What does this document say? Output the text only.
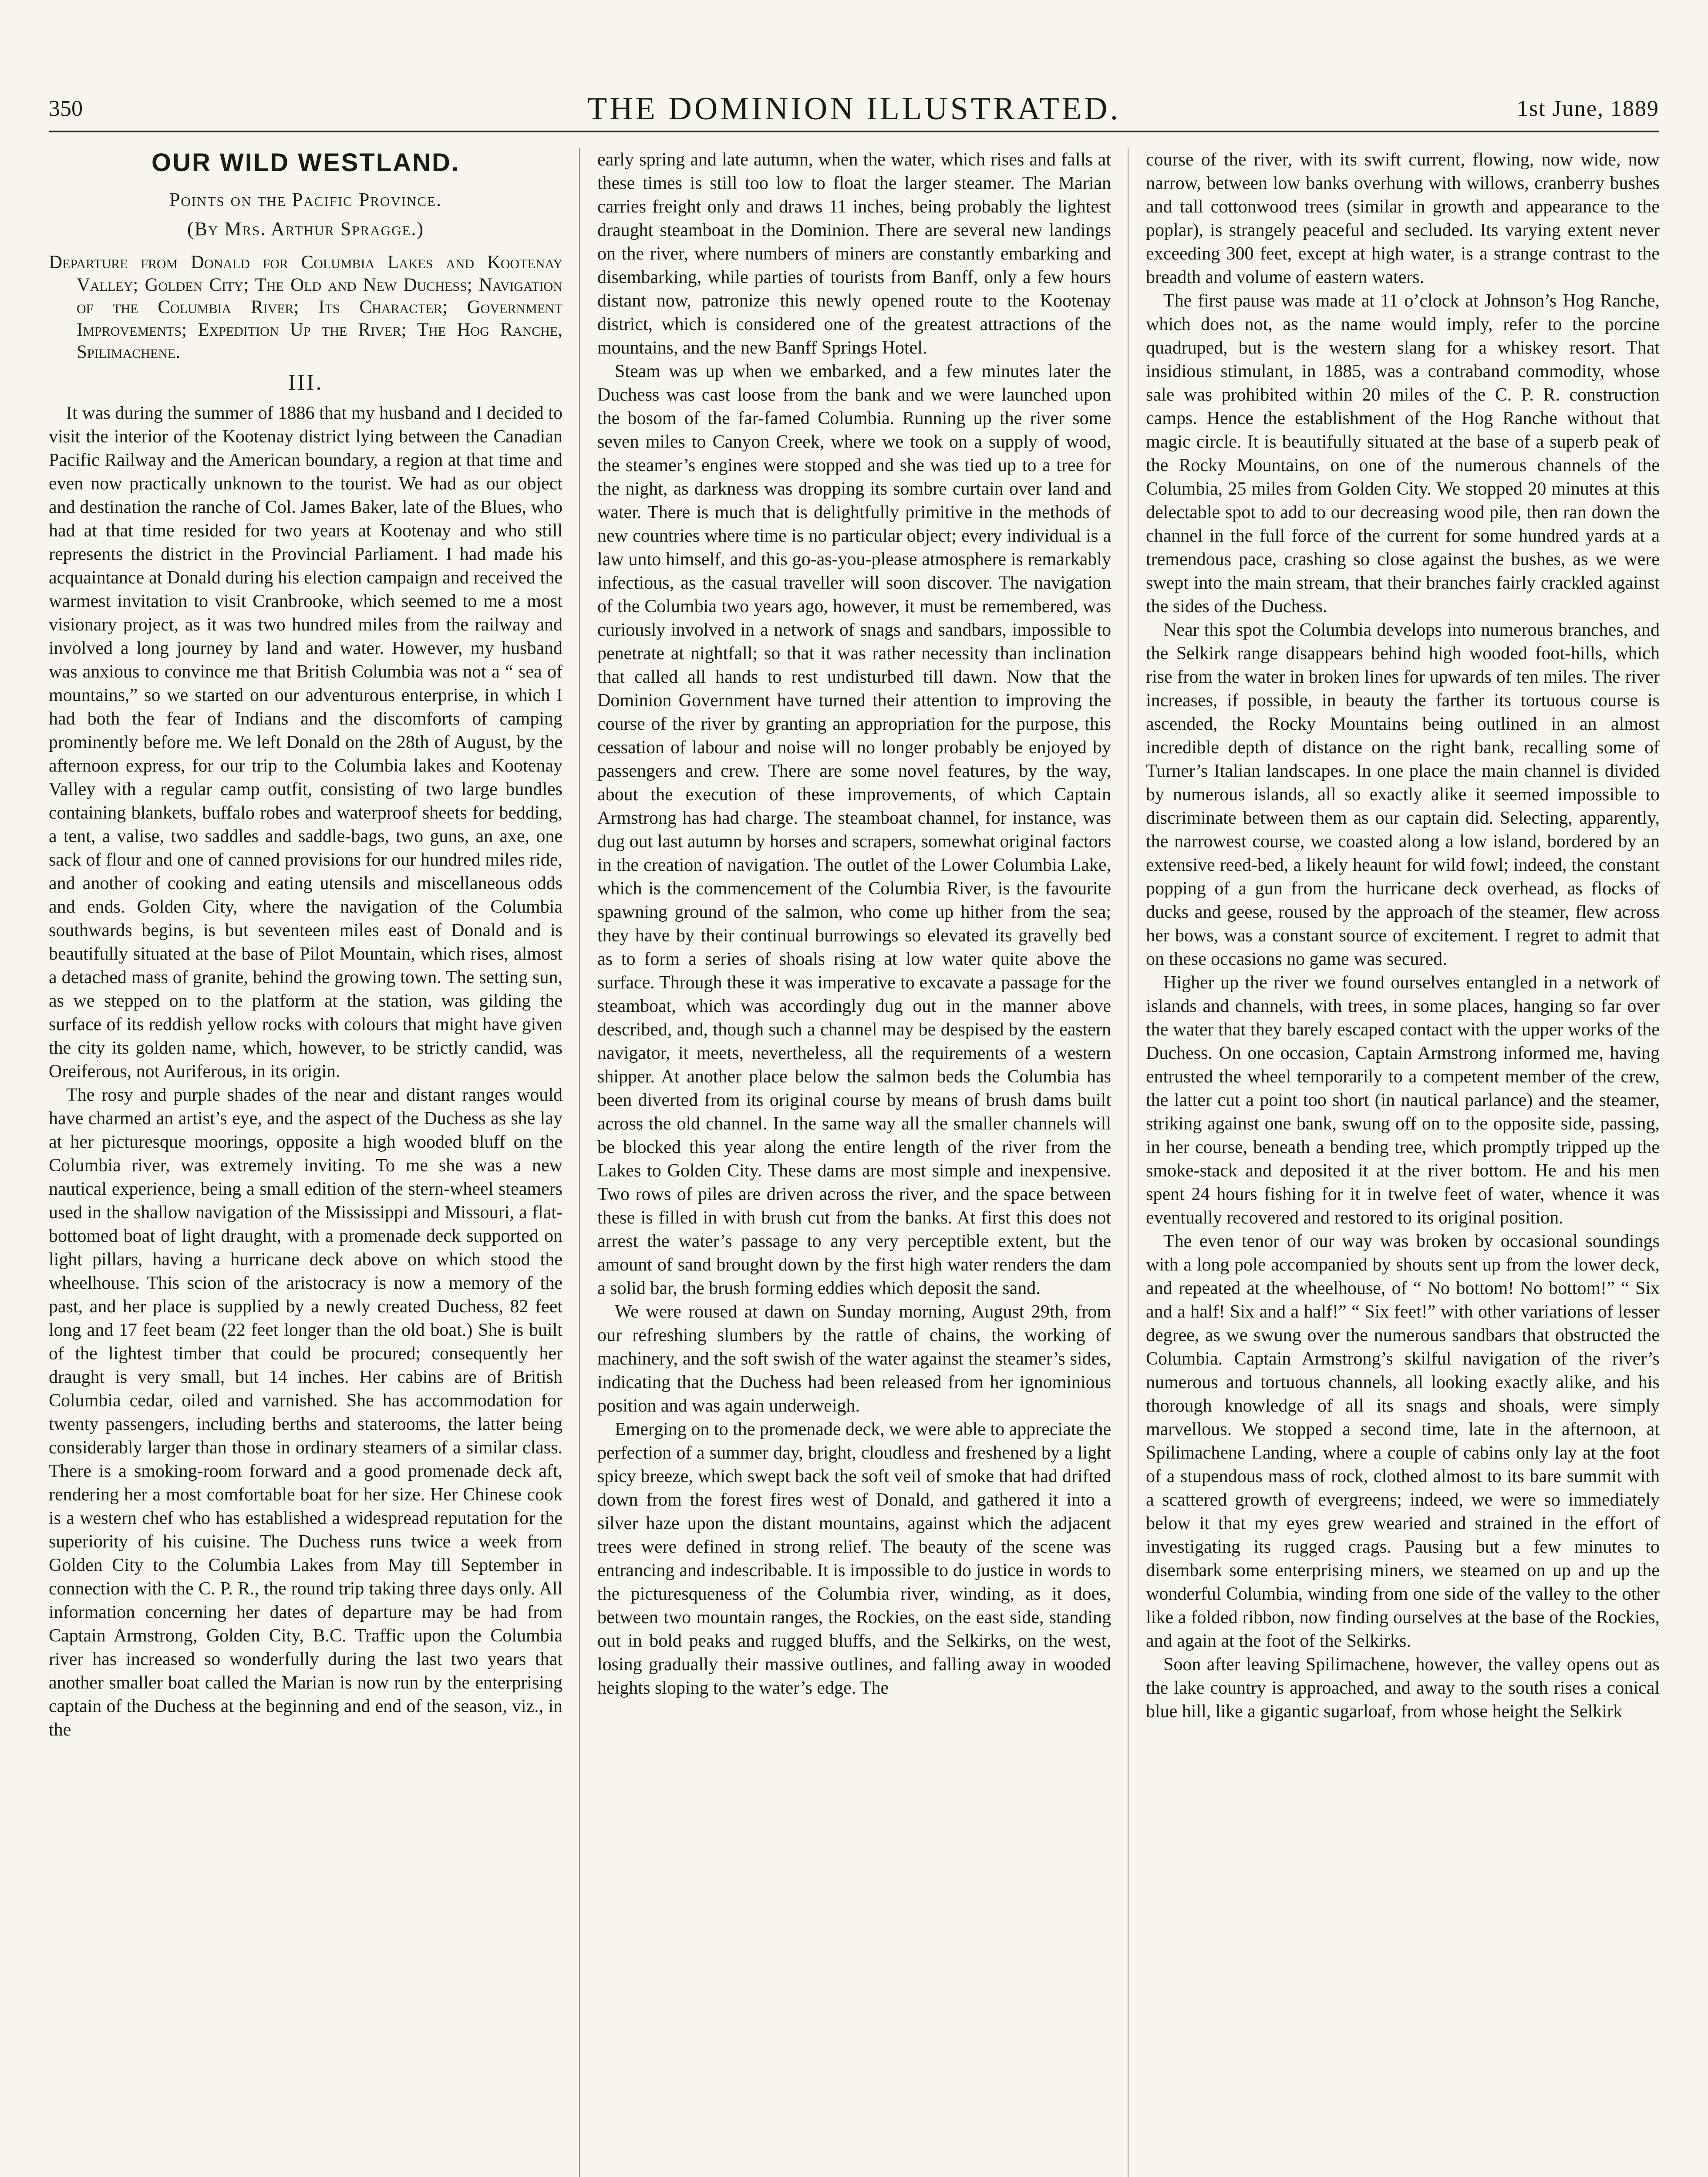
350	THE DOMINION ILLUSTRATED.	1st June, 1889
OUR WILD WESTLAND.
Points on the Pacific Province.
(By Mrs. Arthur Spragge.)
Departure from Donald for Columbia Lakes and Kootenay Valley; Golden City; The Old and New Duchess; Navigation of the Columbia River; Its Character; Government Improvements; Expedition Up the River; The Hog Ranche, Spilimachene.
III.

It was during the summer of 1886 that my husband and I decided to visit the interior of the Kootenay district lying between the Canadian Pacific Railway and the American boundary, a region at that time and even now practically unknown to the tourist. We had as our object and destination the ranche of Col. James Baker, late of the Blues, who had at that time resided for two years at Kootenay and who still represents the district in the Provincial Parliament. I had made his acquaintance at Donald during his election campaign and received the warmest invitation to visit Cranbrooke, which seemed to me a most visionary project, as it was two hundred miles from the railway and involved a long journey by land and water. However, my husband was anxious to convince me that British Columbia was not a “ sea of mountains,” so we started on our adventurous enterprise, in which I had both the fear of Indians and the discomforts of camping prominently before me. We left Donald on the 28th of August, by the afternoon express, for our trip to the Columbia lakes and Kootenay Valley with a regular camp outfit, consisting of two large bundles containing blankets, buffalo robes and waterproof sheets for bedding, a tent, a valise, two saddles and saddle-bags, two guns, an axe, one sack of flour and one of canned provisions for our hundred miles ride, and another of cooking and eating utensils and miscellaneous odds and ends. Golden City, where the navigation of the Columbia southwards begins, is but seventeen miles east of Donald and is beautifully situated at the base of Pilot Mountain, which rises, almost a detached mass of granite, behind the growing town. The setting sun, as we stepped on to the platform at the station, was gilding the surface of its reddish yellow rocks with colours that might have given the city its golden name, which, however, to be strictly candid, was Oreiferous, not Auriferous, in its origin.

The rosy and purple shades of the near and distant ranges would have charmed an artist’s eye, and the aspect of the Duchess as she lay at her picturesque moorings, opposite a high wooded bluff on the Columbia river, was extremely inviting. To me she was a new nautical experience, being a small edition of the stern-wheel steamers used in the shallow navigation of the Mississippi and Missouri, a flat-bottomed boat of light draught, with a promenade deck supported on light pillars, having a hurricane deck above on which stood the wheelhouse. This scion of the aristocracy is now a memory of the past, and her place is supplied by a newly created Duchess, 82 feet long and 17 feet beam (22 feet longer than the old boat.) She is built of the lightest timber that could be procured; consequently her draught is very small, but 14 inches. Her cabins are of British Columbia cedar, oiled and varnished. She has accommodation for twenty passengers, including berths and staterooms, the latter being considerably larger than those in ordinary steamers of a similar class. There is a smoking-room forward and a good promenade deck aft, rendering her a most comfortable boat for her size. Her Chinese cook is a western chef who has established a widespread reputation for the superiority of his cuisine. The Duchess runs twice a week from Golden City to the Columbia Lakes from May till September in connection with the C. P. R., the round trip taking three days only. All information concerning her dates of departure may be had from Captain Armstrong, Golden City, B.C. Traffic upon the Columbia river has increased so wonderfully during the last two years that another smaller boat called the Marian is now run by the enterprising captain of the Duchess at the beginning and end of the season, viz., in the

early spring and late autumn, when the water, which rises and falls at these times is still too low to float the larger steamer. The Marian carries freight only and draws 11 inches, being probably the lightest draught steamboat in the Dominion. There are several new landings on the river, where numbers of miners are constantly embarking and disembarking, while parties of tourists from Banff, only a few hours distant now, patronize this newly opened route to the Kootenay district, which is considered one of the greatest attractions of the mountains, and the new Banff Springs Hotel.

Steam was up when we embarked, and a few minutes later the Duchess was cast loose from the bank and we were launched upon the bosom of the far-famed Columbia. Running up the river some seven miles to Canyon Creek, where we took on a supply of wood, the steamer’s engines were stopped and she was tied up to a tree for the night, as darkness was dropping its sombre curtain over land and water. There is much that is delightfully primitive in the methods of new countries where time is no particular object; every individual is a law unto himself, and this go-as-you-please atmosphere is remarkably infectious, as the casual traveller will soon discover. The navigation of the Columbia two years ago, however, it must be remembered, was curiously involved in a network of snags and sandbars, impossible to penetrate at nightfall; so that it was rather necessity than inclination that called all hands to rest undisturbed till dawn. Now that the Dominion Government have turned their attention to improving the course of the river by granting an appropriation for the purpose, this cessation of labour and noise will no longer probably be enjoyed by passengers and crew. There are some novel features, by the way, about the execution of these improvements, of which Captain Armstrong has had charge. The steamboat channel, for instance, was dug out last autumn by horses and scrapers, somewhat original factors in the creation of navigation. The outlet of the Lower Columbia Lake, which is the commencement of the Columbia River, is the favourite spawning ground of the salmon, who come up hither from the sea; they have by their continual burrowings so elevated its gravelly bed as to form a series of shoals rising at low water quite above the surface. Through these it was imperative to excavate a passage for the steamboat, which was accordingly dug out in the manner above described, and, though such a channel may be despised by the eastern navigator, it meets, nevertheless, all the requirements of a western shipper. At another place below the salmon beds the Columbia has been diverted from its original course by means of brush dams built across the old channel. In the same way all the smaller channels will be blocked this year along the entire length of the river from the Lakes to Golden City. These dams are most simple and inexpensive. Two rows of piles are driven across the river, and the space between these is filled in with brush cut from the banks. At first this does not arrest the water’s passage to any very perceptible extent, but the amount of sand brought down by the first high water renders the dam a solid bar, the brush forming eddies which deposit the sand.

We were roused at dawn on Sunday morning, August 29th, from our refreshing slumbers by the rattle of chains, the working of machinery, and the soft swish of the water against the steamer’s sides, indicating that the Duchess had been released from her ignominious position and was again underweigh.

Emerging on to the promenade deck, we were able to appreciate the perfection of a summer day, bright, cloudless and freshened by a light spicy breeze, which swept back the soft veil of smoke that had drifted down from the forest fires west of Donald, and gathered it into a silver haze upon the distant mountains, against which the adjacent trees were defined in strong relief. The beauty of the scene was entrancing and indescribable. It is impossible to do justice in words to the picturesqueness of the Columbia river, winding, as it does, between two mountain ranges, the Rockies, on the east side, standing out in bold peaks and rugged bluffs, and the Selkirks, on the west, losing gradually their massive outlines, and falling away in wooded heights sloping to the water’s edge. The

course of the river, with its swift current, flowing, now wide, now narrow, between low banks overhung with willows, cranberry bushes and tall cottonwood trees (similar in growth and appearance to the poplar), is strangely peaceful and secluded. Its varying extent never exceeding 300 feet, except at high water, is a strange contrast to the breadth and volume of eastern waters.

The first pause was made at 11 o’clock at Johnson’s Hog Ranche, which does not, as the name would imply, refer to the porcine quadruped, but is the western slang for a whiskey resort. That insidious stimulant, in 1885, was a contraband commodity, whose sale was prohibited within 20 miles of the C. P. R. construction camps. Hence the establishment of the Hog Ranche without that magic circle. It is beautifully situated at the base of a superb peak of the Rocky Mountains, on one of the numerous channels of the Columbia, 25 miles from Golden City. We stopped 20 minutes at this delectable spot to add to our decreasing wood pile, then ran down the channel in the full force of the current for some hundred yards at a tremendous pace, crashing so close against the bushes, as we were swept into the main stream, that their branches fairly crackled against the sides of the Duchess.

Near this spot the Columbia develops into numerous branches, and the Selkirk range disappears behind high wooded foot-hills, which rise from the water in broken lines for upwards of ten miles. The river increases, if possible, in beauty the farther its tortuous course is ascended, the Rocky Mountains being outlined in an almost incredible depth of distance on the right bank, recalling some of Turner’s Italian landscapes. In one place the main channel is divided by numerous islands, all so exactly alike it seemed impossible to discriminate between them as our captain did. Selecting, apparently, the narrowest course, we coasted along a low island, bordered by an extensive reed-bed, a likely heaunt for wild fowl; indeed, the constant popping of a gun from the hurricane deck overhead, as flocks of ducks and geese, roused by the approach of the steamer, flew across her bows, was a constant source of excitement. I regret to admit that on these occasions no game was secured.

Higher up the river we found ourselves entangled in a network of islands and channels, with trees, in some places, hanging so far over the water that they barely escaped contact with the upper works of the Duchess. On one occasion, Captain Armstrong informed me, having entrusted the wheel temporarily to a competent member of the crew, the latter cut a point too short (in nautical parlance) and the steamer, striking against one bank, swung off on to the opposite side, passing, in her course, beneath a bending tree, which promptly tripped up the smoke-stack and deposited it at the river bottom. He and his men spent 24 hours fishing for it in twelve feet of water, whence it was eventually recovered and restored to its original position.

The even tenor of our way was broken by occasional soundings with a long pole accompanied by shouts sent up from the lower deck, and repeated at the wheelhouse, of “ No bottom! No bottom!” “ Six and a half! Six and a half!” “ Six feet!” with other variations of lesser degree, as we swung over the numerous sandbars that obstructed the Columbia. Captain Armstrong’s skilful navigation of the river’s numerous and tortuous channels, all looking exactly alike, and his thorough knowledge of all its snags and shoals, were simply marvellous. We stopped a second time, late in the afternoon, at Spilimachene Landing, where a couple of cabins only lay at the foot of a stupendous mass of rock, clothed almost to its bare summit with a scattered growth of evergreens; indeed, we were so immediately below it that my eyes grew wearied and strained in the effort of investigating its rugged crags. Pausing but a few minutes to disembark some enterprising miners, we steamed on up and up the wonderful Columbia, winding from one side of the valley to the other like a folded ribbon, now finding ourselves at the base of the Rockies, and again at the foot of the Selkirks.

Soon after leaving Spilimachene, however, the valley opens out as the lake country is approached, and away to the south rises a conical blue hill, like a gigantic sugarloaf, from whose height the Selkirk
